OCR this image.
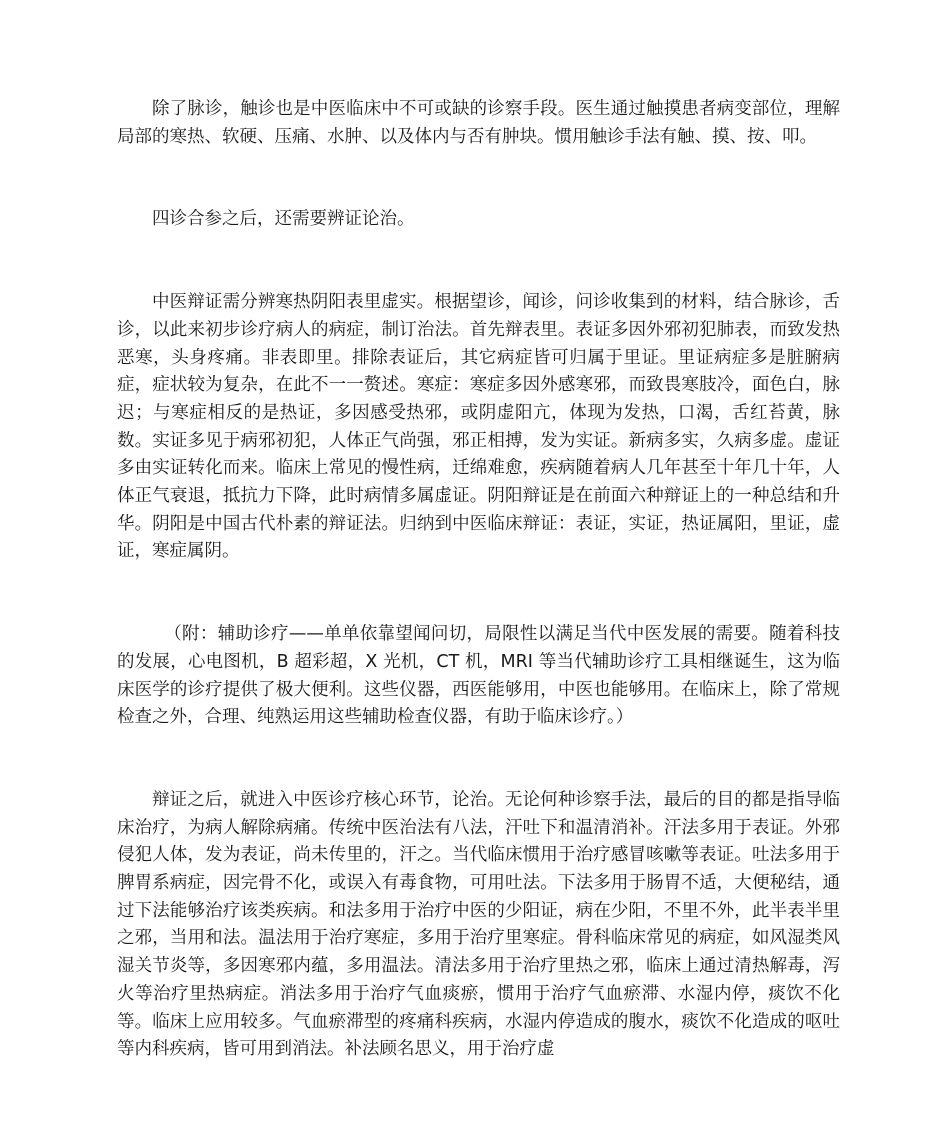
除了脉诊，触诊也是中医临床中不可或缺的诊察手段。医生通过触摸患者病变部位，理解局部的寒热、软硬、压痛、水肿、以及体内与否有肿块。惯用触诊手法有触、摸、按、叩。

四诊合参之后，还需要辨证论治。

中医辩证需分辨寒热阴阳表里虚实。根据望诊，闻诊，问诊收集到的材料，结合脉诊，舌诊，以此来初步诊疗病人的病症，制订治法。首先辩表里。表证多因外邪初犯肺表，而致发热恶寒，头身疼痛。非表即里。排除表证后，其它病症皆可归属于里证。里证病症多是脏腑病症，症状较为复杂，在此不一一赘述。寒症：寒症多因外感寒邪，而致畏寒肢冷，面色白，脉迟；与寒症相反的是热证，多因感受热邪，或阴虚阳亢，体现为发热，口渴，舌红苔黄，脉数。实证多见于病邪初犯，人体正气尚强，邪正相搏，发为实证。新病多实，久病多虚。虚证多由实证转化而来。临床上常见的慢性病，迁绵难愈，疾病随着病人几年甚至十年几十年，人体正气衰退，抵抗力下降，此时病情多属虚证。阴阳辩证是在前面六种辩证上的一种总结和升华。阴阳是中国古代朴素的辩证法。归纳到中医临床辩证：表证，实证，热证属阳，里证，虚证，寒症属阴。

（附：辅助诊疗——单单依靠望闻问切，局限性以满足当代中医发展的需要。随着科技的发展，心电图机，B 超彩超，X 光机，CT 机，MRI 等当代辅助诊疗工具相继诞生，这为临床医学的诊疗提供了极大便利。这些仪器，西医能够用，中医也能够用。在临床上，除了常规检查之外，合理、纯熟运用这些辅助检查仪器，有助于临床诊疗。）

辩证之后，就进入中医诊疗核心环节，论治。无论何种诊察手法，最后的目的都是指导临床治疗，为病人解除病痛。传统中医治法有八法，汗吐下和温清消补。汗法多用于表证。外邪侵犯人体，发为表证，尚未传里的，汗之。当代临床惯用于治疗感冒咳嗽等表证。吐法多用于脾胃系病症，因完骨不化，或误入有毒食物，可用吐法。下法多用于肠胃不适，大便秘结，通过下法能够治疗该类疾病。和法多用于治疗中医的少阳证，病在少阳，不里不外，此半表半里之邪，当用和法。温法用于治疗寒症，多用于治疗里寒症。骨科临床常见的病症，如风湿类风湿关节炎等，多因寒邪内蕴，多用温法。清法多用于治疗里热之邪，临床上通过清热解毒，泻火等治疗里热病症。消法多用于治疗气血痰瘀，惯用于治疗气血瘀滞、水湿内停，痰饮不化等。临床上应用较多。气血瘀滞型的疼痛科疾病，水湿内停造成的腹水，痰饮不化造成的呕吐等内科疾病，皆可用到消法。补法顾名思义，用于治疗虚
